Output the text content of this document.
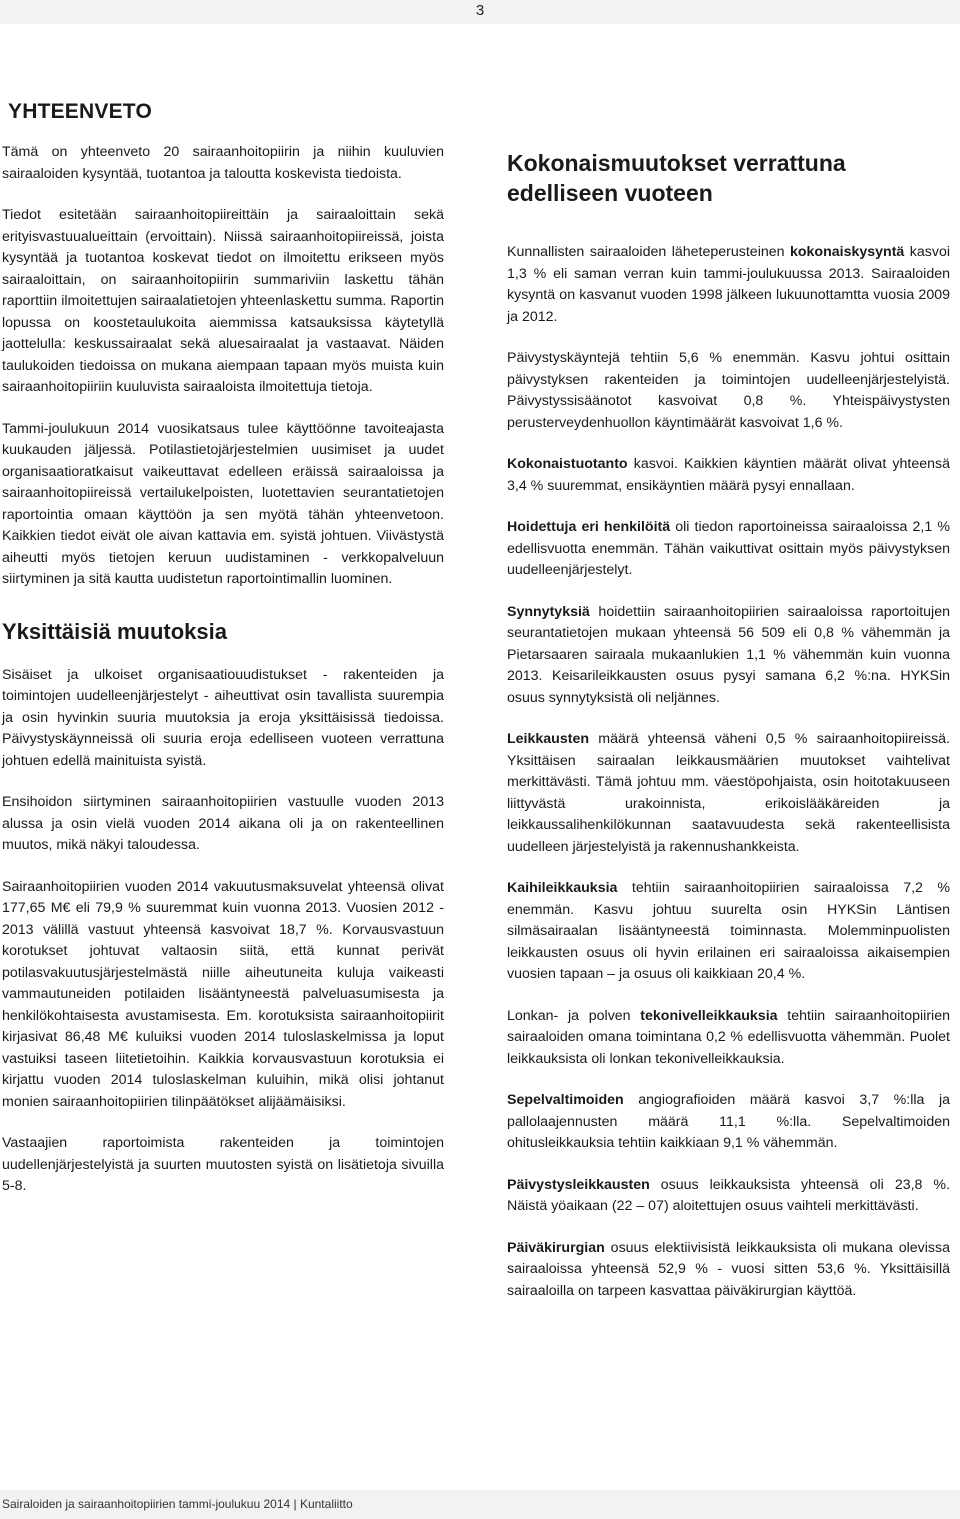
3
YHTEENVETO

Tämä on yhteenveto 20 sairaanhoitopiirin ja niihin kuuluvien sairaaloiden kysyntää, tuotantoa ja taloutta koskevista tiedoista.

Tiedot esitetään sairaanhoitopiireittäin ja sairaaloittain sekä erityisvastuualueittain (ervoittain). Niissä sairaanhoitopiireissä, joista kysyntää ja tuotantoa koskevat tiedot on ilmoitettu erikseen myös sairaaloittain, on sairaanhoitopiirin summariviin laskettu tähän raporttiin ilmoitettujen sairaalatietojen yhteenlaskettu summa. Raportin lopussa on koostetaulukoita aiemmissa katsauksissa käytetyllä jaottelulla: keskussairaalat sekä aluesairaalat ja vastaavat. Näiden taulukoiden tiedoissa on mukana aiempaan tapaan myös muista kuin sairaanhoitopiiriin kuuluvista sairaaloista ilmoitettuja tietoja.

Tammi-joulukuun 2014 vuosikatsaus tulee käyttöönne tavoiteajasta kuukauden jäljessä. Potilastietojärjestelmien uusimiset ja uudet organisaatioratkaisut vaikeuttavat edelleen eräissä sairaaloissa ja sairaanhoitopiireissä vertailukelpoisten, luotettavien seurantatietojen raportointia omaan käyttöön ja sen myötä tähän yhteenvetoon. Kaikkien tiedot eivät ole aivan kattavia em. syistä johtuen. Viivästystä aiheutti myös tietojen keruun uudistaminen - verkkopalveluun siirtyminen ja sitä kautta uudistetun raportointimallin luominen.

Yksittäisiä muutoksia

Sisäiset ja ulkoiset organisaatiouudistukset - rakenteiden ja toimintojen uudelleenjärjestelyt - aiheuttivat osin tavallista suurempia ja osin hyvinkin suuria muutoksia ja eroja yksittäisissä tiedoissa. Päivystyskäynneissä oli suuria eroja edelliseen vuoteen verrattuna johtuen edellä mainituista syistä.

Ensihoidon siirtyminen sairaanhoitopiirien vastuulle vuoden 2013 alussa ja osin vielä vuoden 2014 aikana oli ja on rakenteellinen muutos, mikä näkyi taloudessa.

Sairaanhoitopiirien vuoden 2014 vakuutusmaksuvelat yhteensä olivat 177,65 M€ eli 79,9 % suuremmat kuin vuonna 2013. Vuosien 2012 - 2013 välillä vastuut yhteensä kasvoivat 18,7 %. Korvausvastuun korotukset johtuvat valtaosin siitä, että kunnat perivät potilasvakuutusjärjestelmästä niille aiheutuneita kuluja vaikeasti vammautuneiden potilaiden lisääntyneestä palveluasumisesta ja henkilökohtaisesta avustamisesta. Em. korotuksista sairaanhoitopiirit kirjasivat 86,48 M€ kuluiksi vuoden 2014 tuloslaskelmissa ja loput vastuiksi taseen liitetietoihin. Kaikkia korvausvastuun korotuksia ei kirjattu vuoden 2014 tuloslaskelman kuluihin, mikä olisi johtanut monien sairaanhoitopiirien tilinpäätökset alijäämäisiksi.

Vastaajien raportoimista rakenteiden ja toimintojen uudellenjärjestelyistä ja suurten muutosten syistä on lisätietoja sivuilla 5-8.

Kokonaismuutokset verrattuna edelliseen vuoteen

Kunnallisten sairaaloiden läheteperusteinen kokonaiskysyntä kasvoi 1,3 % eli saman verran kuin tammi-joulukuussa 2013. Sairaaloiden kysyntä on kasvanut vuoden 1998 jälkeen lukuunottamtta vuosia 2009 ja 2012.

Päivystyskäyntejä tehtiin 5,6 % enemmän. Kasvu johtui osittain päivystyksen rakenteiden ja toimintojen uudelleenjärjestelyistä. Päivystyssisäänotot kasvoivat 0,8 %. Yhteispäivystysten perusterveydenhuollon käyntimäärät kasvoivat 1,6 %.

Kokonaistuotanto kasvoi. Kaikkien käyntien määrät olivat yhteensä 3,4 % suuremmat, ensikäyntien määrä pysyi ennallaan.

Hoidettuja eri henkilöitä oli tiedon raportoineissa sairaaloissa 2,1 % edellisvuotta enemmän. Tähän vaikuttivat osittain myös päivystyksen uudelleenjärjestelyt.

Synnytyksiä hoidettiin sairaanhoitopiirien sairaaloissa raportoitujen seurantatietojen mukaan yhteensä 56 509 eli 0,8 % vähemmän ja Pietarsaaren sairaala mukaanlukien 1,1 % vähemmän kuin vuonna 2013. Keisarileikkausten osuus pysyi samana 6,2 %:na. HYKSin osuus synnytyksistä oli neljännes.

Leikkausten määrä yhteensä väheni 0,5 % sairaanhoitopiireissä. Yksittäisen sairaalan leikkausmäärien muutokset vaihtelivat merkittävästi. Tämä johtuu mm. väestöpohjaista, osin hoitotakuuseen liittyvästä urakoinnista, erikoislääkäreiden ja leikkaussalihenkilökunnan saatavuudesta sekä rakenteellisista uudelleen järjestelyistä ja rakennushankkeista.

Kaihileikkauksia tehtiin sairaanhoitopiirien sairaaloissa 7,2 % enemmän. Kasvu johtuu suurelta osin HYKSin Läntisen silmäsairaalan lisääntyneestä toiminnasta. Molemminpuolisten leikkausten osuus oli hyvin erilainen eri sairaaloissa aikaisempien vuosien tapaan – ja osuus oli kaikkiaan 20,4 %.

Lonkan- ja polven tekonivelleikkauksia tehtiin sairaanhoitopiirien sairaaloiden omana toimintana 0,2 % edellisvuotta vähemmän. Puolet leikkauksista oli lonkan tekonivelleikkauksia.

Sepelvaltimoiden angiografioiden määrä kasvoi 3,7 %:lla ja pallolaajennusten määrä 11,1 %:lla. Sepelvaltimoiden ohitusleikkauksia tehtiin kaikkiaan 9,1 % vähemmän.

Päivystysleikkausten osuus leikkauksista yhteensä oli 23,8 %. Näistä yöaikaan (22 – 07) aloitettujen osuus vaihteli merkittävästi.

Päiväkirurgian osuus elektiivisistä leikkauksista oli mukana olevissa sairaaloissa yhteensä 52,9 % - vuosi sitten 53,6 %. Yksittäisillä sairaaloilla on tarpeen kasvattaa päiväkirurgian käyttöä.

Sairaloiden ja sairaanhoitopiirien tammi-joulukuu 2014 | Kuntaliitto
